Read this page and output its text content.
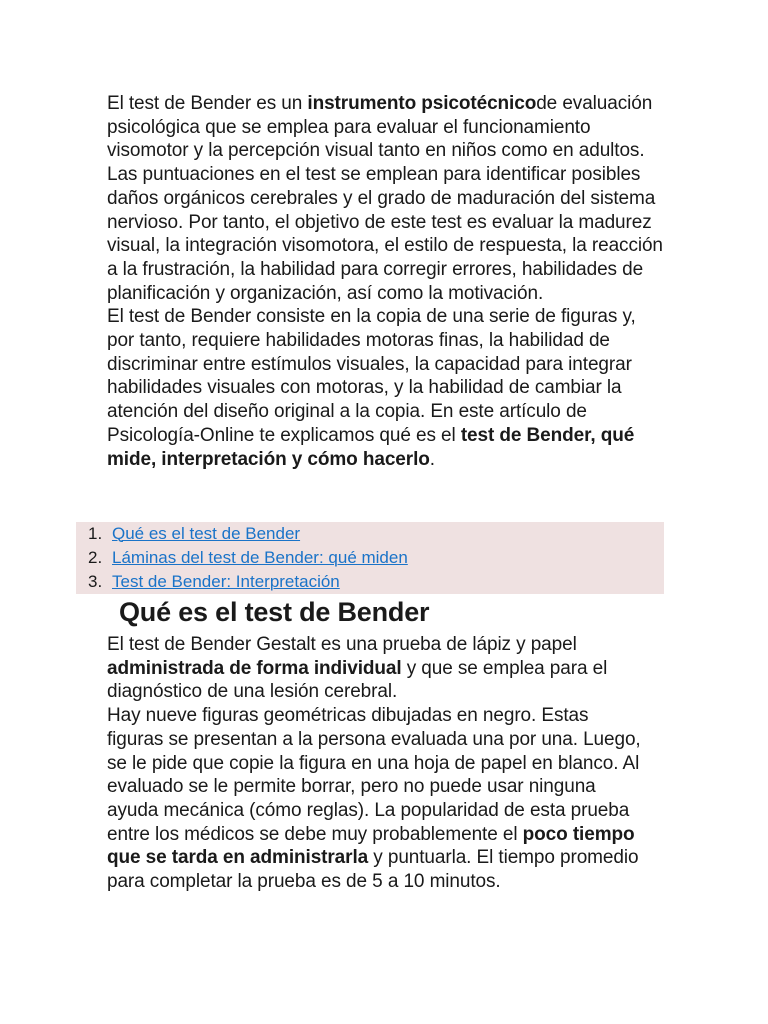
El test de Bender es un instrumento psicotécnicode evaluación psicológica que se emplea para evaluar el funcionamiento visomotor y la percepción visual tanto en niños como en adultos. Las puntuaciones en el test se emplean para identificar posibles daños orgánicos cerebrales y el grado de maduración del sistema nervioso. Por tanto, el objetivo de este test es evaluar la madurez visual, la integración visomotora, el estilo de respuesta, la reacción a la frustración, la habilidad para corregir errores, habilidades de planificación y organización, así como la motivación.
El test de Bender consiste en la copia de una serie de figuras y, por tanto, requiere habilidades motoras finas, la habilidad de discriminar entre estímulos visuales, la capacidad para integrar habilidades visuales con motoras, y la habilidad de cambiar la atención del diseño original a la copia. En este artículo de Psicología-Online te explicamos qué es el test de Bender, qué mide, interpretación y cómo hacerlo.
1. Qué es el test de Bender
2. Láminas del test de Bender: qué miden
3. Test de Bender: Interpretación
Qué es el test de Bender
El test de Bender Gestalt es una prueba de lápiz y papel administrada de forma individual y que se emplea para el diagnóstico de una lesión cerebral.
Hay nueve figuras geométricas dibujadas en negro. Estas figuras se presentan a la persona evaluada una por una. Luego, se le pide que copie la figura en una hoja de papel en blanco. Al evaluado se le permite borrar, pero no puede usar ninguna ayuda mecánica (cómo reglas). La popularidad de esta prueba entre los médicos se debe muy probablemente el poco tiempo que se tarda en administrarla y puntuarla. El tiempo promedio para completar la prueba es de 5 a 10 minutos.
